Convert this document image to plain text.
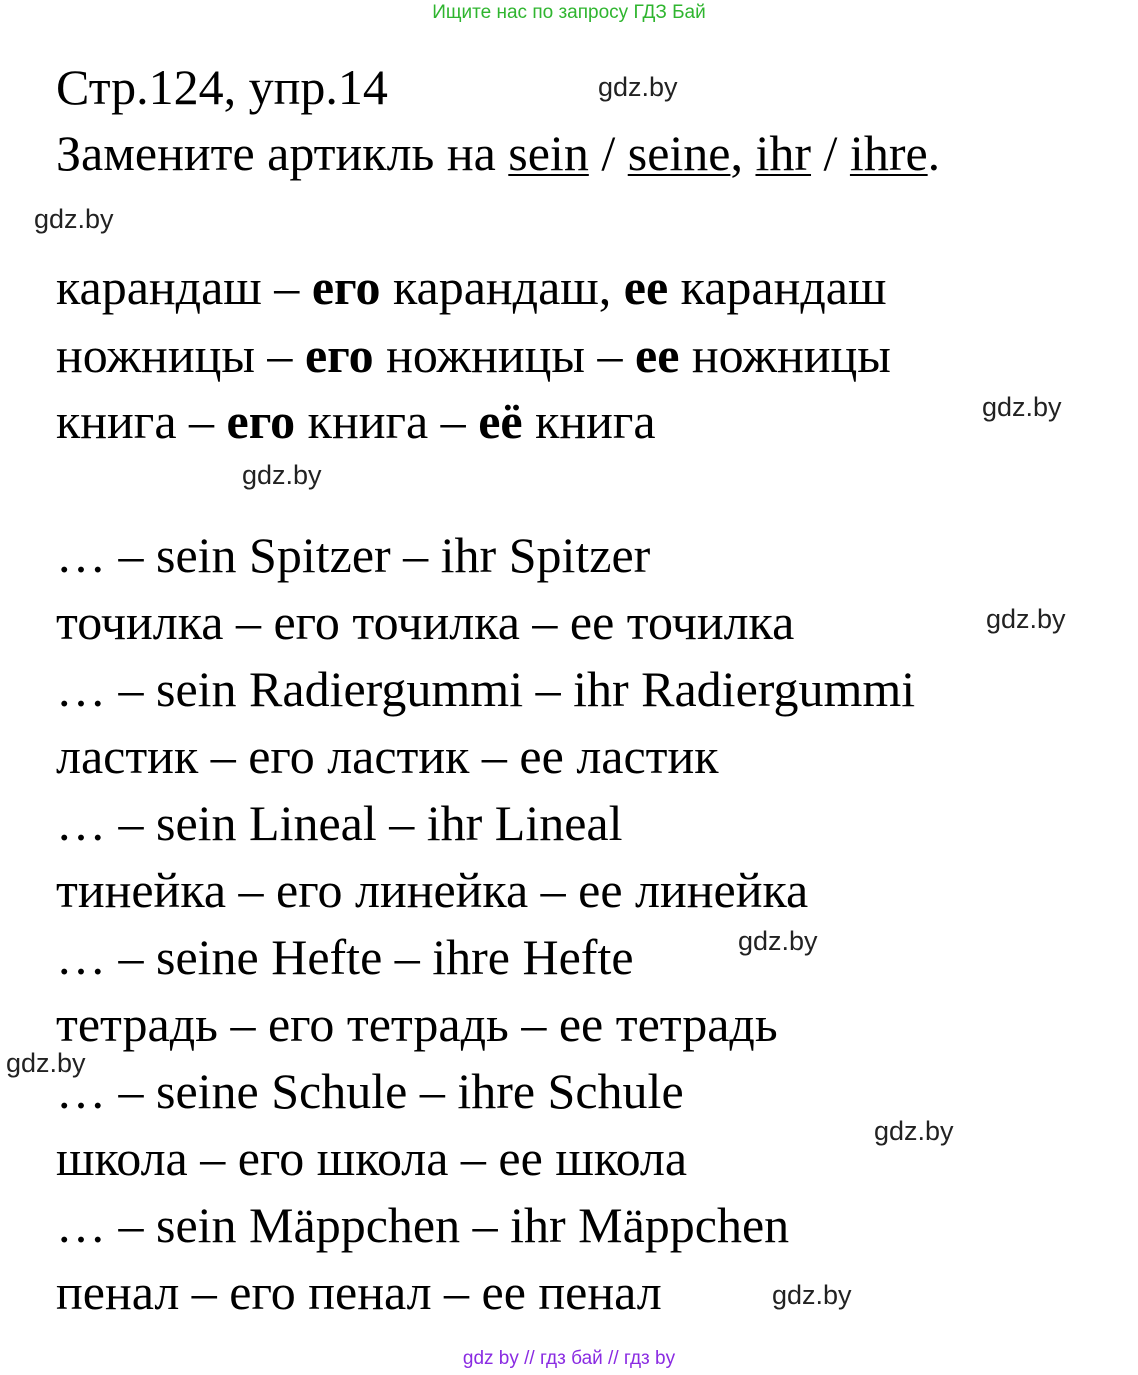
Ищите нас по запросу ГДЗ Бай
Стр.124, упр.14
Замените артикль на sein / seine, ihr / ihre.
карандаш – его карандаш, ее карандаш
ножницы – его ножницы – ее ножницы
книга – его книга – её книга
… – sein Spitzer – ihr Spitzer
точилка – его точилка – ее точилка
… – sein Radiergummi – ihr Radiergummi
ластик – его ластик – ее ластик
… – sein Lineal – ihr Lineal
тинейка – его линейка – ее линейка
… – seine Hefte – ihre Hefte
тетрадь – его тетрадь – ее тетрадь
… – seine Schule – ihre Schule
школа – его школа – ее школа
… – sein Mäppchen – ihr Mäppchen
пенал – его пенал – ее пенал
gdz.by
gdz.by
gdz.by
gdz.by
gdz.by
gdz.by
gdz.by
gdz.by
gdz.by
gdz by // гдз бай // гдз by
